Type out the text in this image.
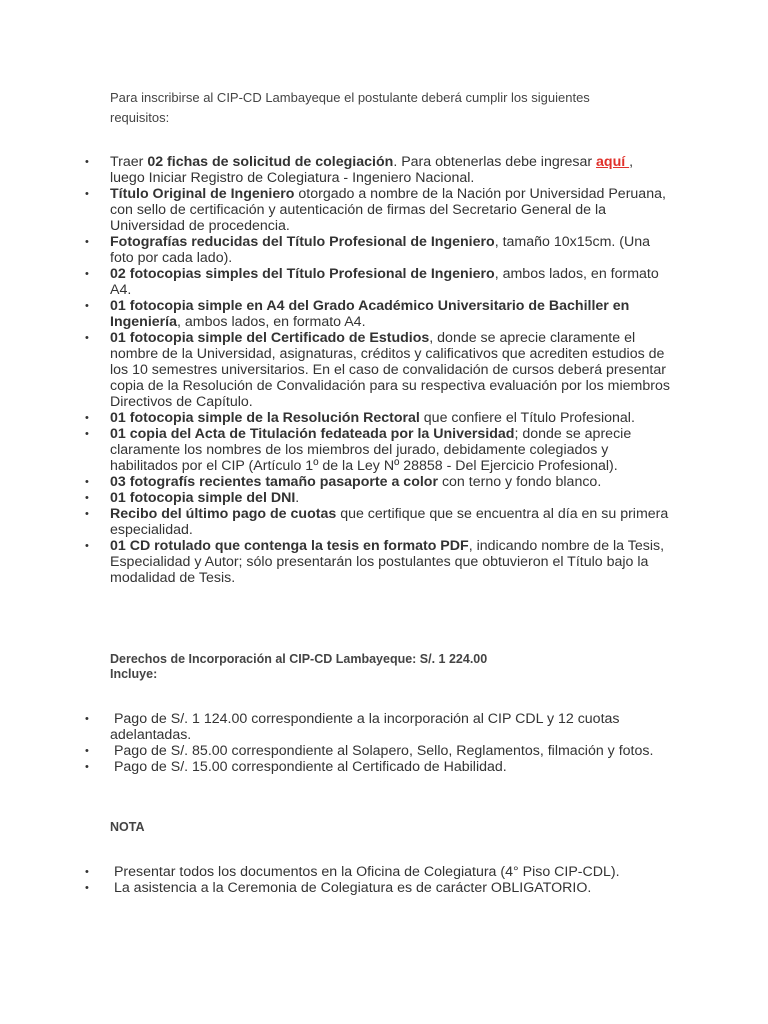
Para inscribirse al CIP-CD Lambayeque el postulante deberá cumplir los siguientes requisitos:

• Traer 02 fichas de solicitud de colegiación. Para obtenerlas debe ingresar aquí , luego Iniciar Registro de Colegiatura - Ingeniero Nacional.
• Título Original de Ingeniero otorgado a nombre de la Nación por Universidad Peruana, con sello de certificación y autenticación de firmas del Secretario General de la Universidad de procedencia.
• Fotografías reducidas del Título Profesional de Ingeniero, tamaño 10x15cm. (Una foto por cada lado).
• 02 fotocopias simples del Título Profesional de Ingeniero, ambos lados, en formato A4.
• 01 fotocopia simple en A4 del Grado Académico Universitario de Bachiller en Ingeniería, ambos lados, en formato A4.
• 01 fotocopia simple del Certificado de Estudios, donde se aprecie claramente el nombre de la Universidad, asignaturas, créditos y calificativos que acrediten estudios de los 10 semestres universitarios. En el caso de convalidación de cursos deberá presentar copia de la Resolución de Convalidación para su respectiva evaluación por los miembros Directivos de Capítulo.
• 01 fotocopia simple de la Resolución Rectoral que confiere el Título Profesional.
• 01 copia del Acta de Titulación fedateada por la Universidad; donde se aprecie claramente los nombres de los miembros del jurado, debidamente colegiados y habilitados por el CIP (Artículo 1º de la Ley Nº 28858 - Del Ejercicio Profesional).
• 03 fotografís recientes tamaño pasaporte a color con terno y fondo blanco.
• 01 fotocopia simple del DNI.
• Recibo del último pago de cuotas que certifique que se encuentra al día en su primera especialidad.
• 01 CD rotulado que contenga la tesis en formato PDF, indicando nombre de la Tesis, Especialidad y Autor; sólo presentarán los postulantes que obtuvieron el Título bajo la modalidad de Tesis.
Derechos de Incorporación al CIP-CD Lambayeque: S/. 1 224.00
Incluye:
• Pago de S/. 1 124.00 correspondiente a la incorporación al CIP CDL y 12 cuotas adelantadas.
• Pago de S/. 85.00 correspondiente al Solapero, Sello, Reglamentos, filmación y fotos.
• Pago de S/. 15.00 correspondiente al Certificado de Habilidad.
NOTA
• Presentar todos los documentos en la Oficina de Colegiatura (4° Piso CIP-CDL).
• La asistencia a la Ceremonia de Colegiatura es de carácter OBLIGATORIO.
